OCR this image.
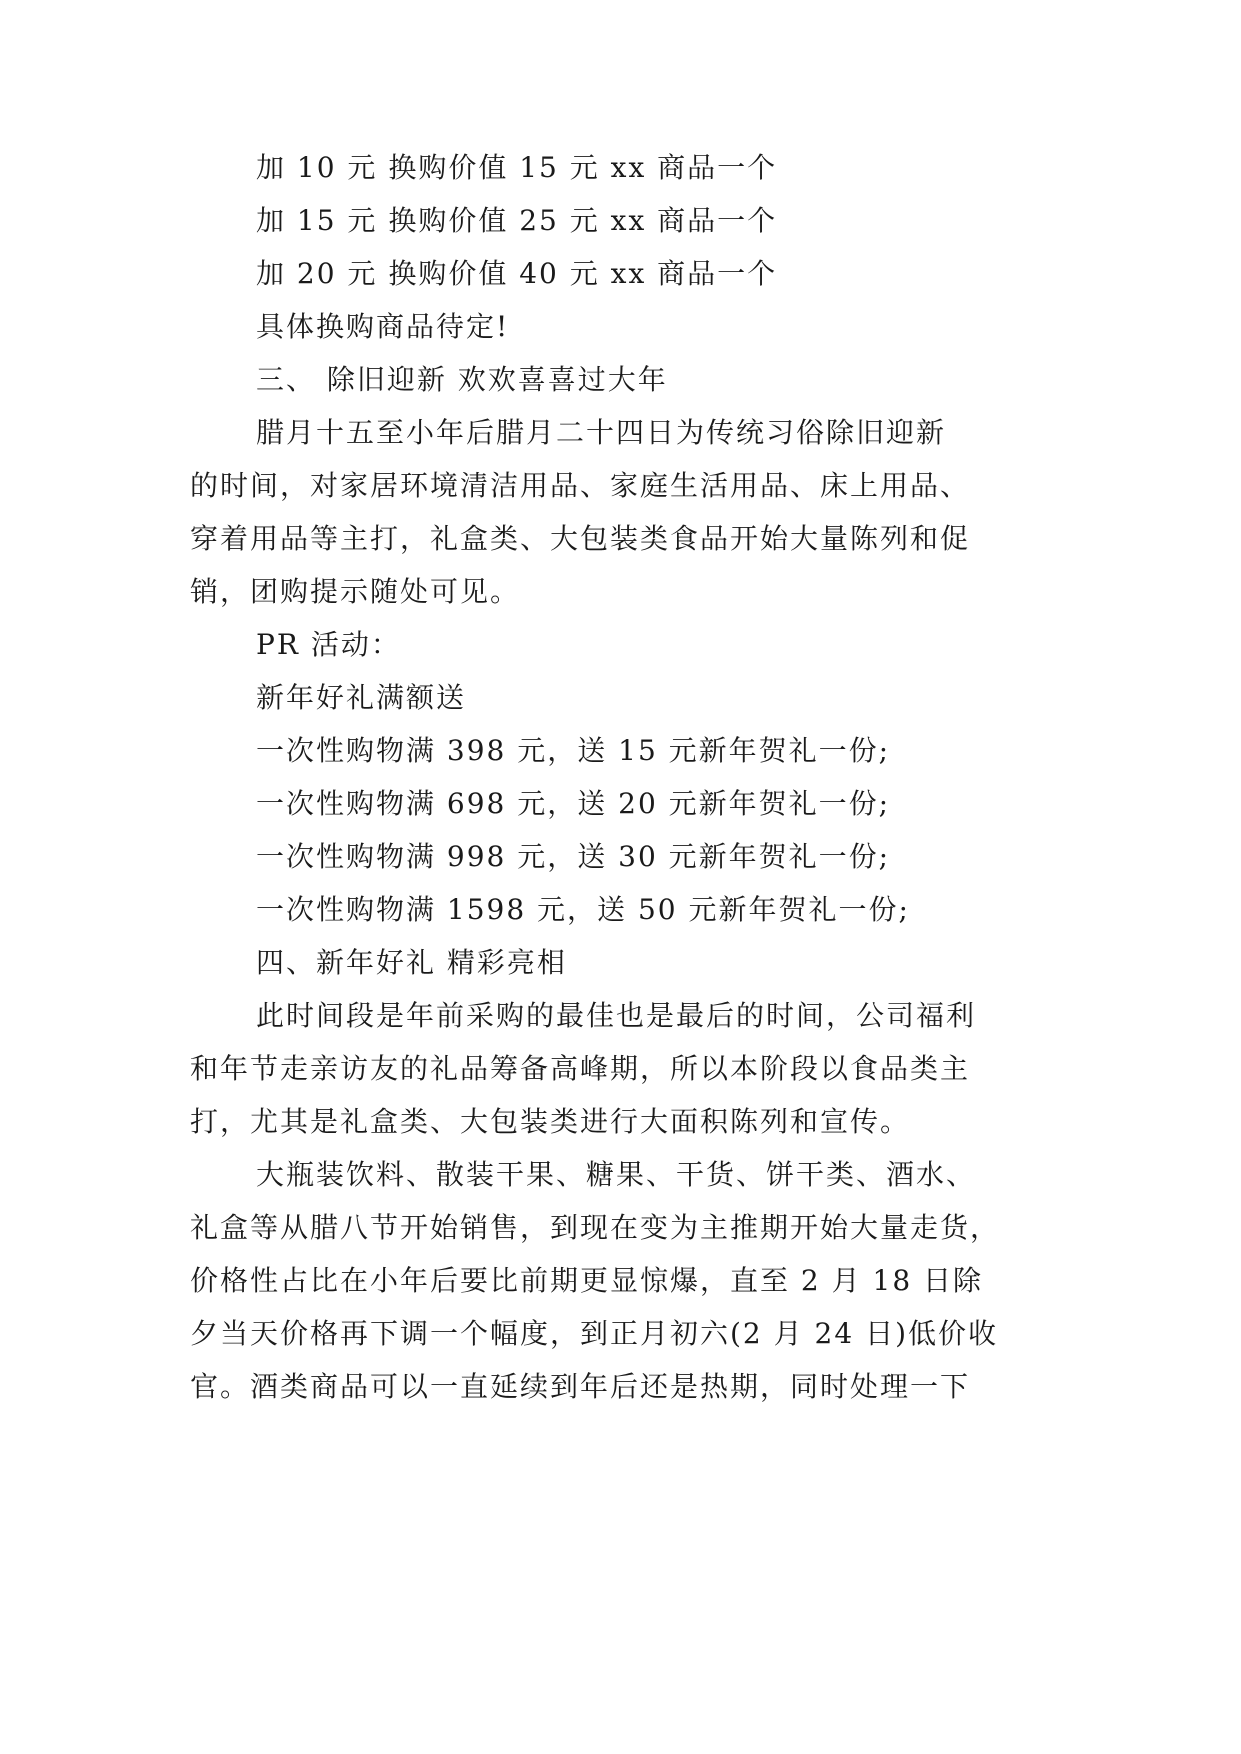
加 10 元 换购价值 15 元 xx 商品一个
加 15 元 换购价值 25 元 xx 商品一个
加 20 元 换购价值 40 元 xx 商品一个
具体换购商品待定!
三、 除旧迎新 欢欢喜喜过大年
腊月十五至小年后腊月二十四日为传统习俗除旧迎新
的时间，对家居环境清洁用品、家庭生活用品、床上用品、
穿着用品等主打，礼盒类、大包装类食品开始大量陈列和促
销，团购提示随处可见。
PR 活动：
新年好礼满额送
一次性购物满 398 元，送 15 元新年贺礼一份;
一次性购物满 698 元，送 20 元新年贺礼一份;
一次性购物满 998 元，送 30 元新年贺礼一份;
一次性购物满 1598 元，送 50 元新年贺礼一份;
四、新年好礼 精彩亮相
此时间段是年前采购的最佳也是最后的时间，公司福利
和年节走亲访友的礼品筹备高峰期，所以本阶段以食品类主
打，尤其是礼盒类、大包装类进行大面积陈列和宣传。
大瓶装饮料、散装干果、糖果、干货、饼干类、酒水、
礼盒等从腊八节开始销售，到现在变为主推期开始大量走货，
价格性占比在小年后要比前期更显惊爆，直至 2 月 18 日除
夕当天价格再下调一个幅度，到正月初六(2 月 24 日)低价收
官。酒类商品可以一直延续到年后还是热期，同时处理一下
